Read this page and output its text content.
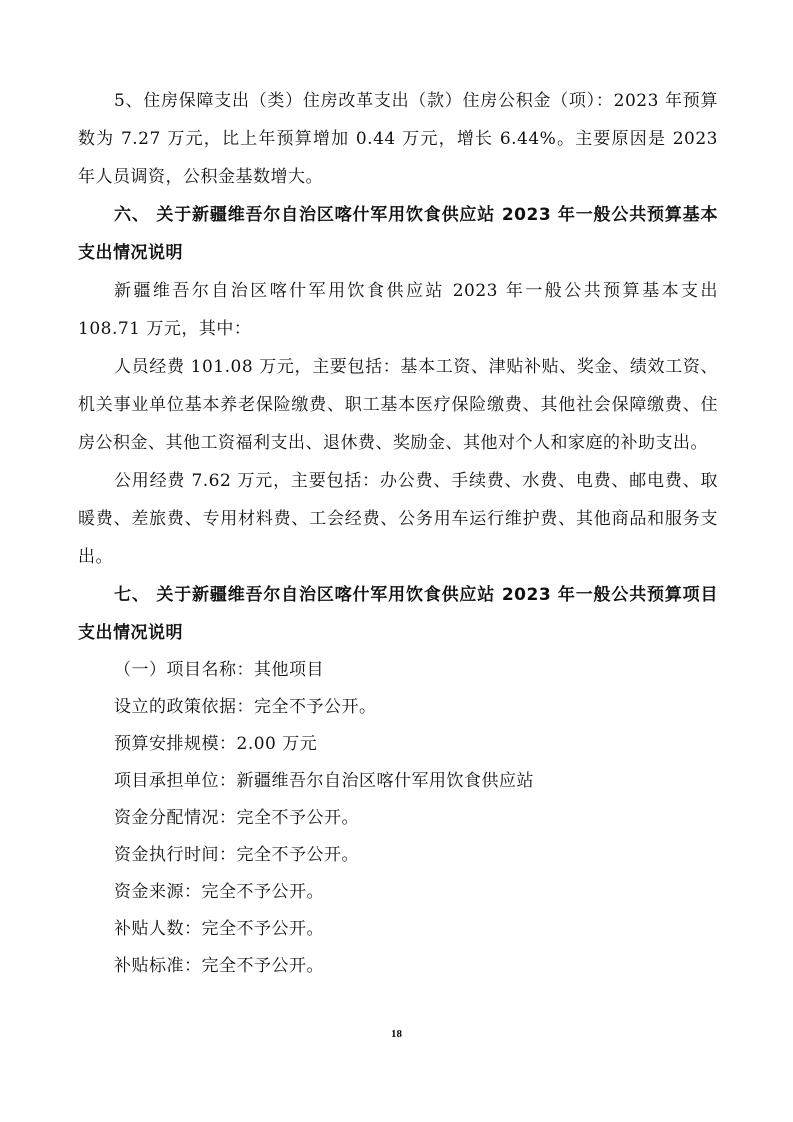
5、住房保障支出（类）住房改革支出（款）住房公积金（项）：2023 年预算数为 7.27 万元，比上年预算增加 0.44 万元，增长 6.44%。主要原因是 2023 年人员调资，公积金基数增大。

六、 关于新疆维吾尔自治区喀什军用饮食供应站 2023 年一般公共预算基本支出情况说明

新疆维吾尔自治区喀什军用饮食供应站 2023 年一般公共预算基本支出 108.71 万元，其中：

人员经费 101.08 万元，主要包括：基本工资、津贴补贴、奖金、绩效工资、机关事业单位基本养老保险缴费、职工基本医疗保险缴费、其他社会保障缴费、住房公积金、其他工资福利支出、退休费、奖励金、其他对个人和家庭的补助支出。

公用经费 7.62 万元，主要包括：办公费、手续费、水费、电费、邮电费、取暖费、差旅费、专用材料费、工会经费、公务用车运行维护费、其他商品和服务支出。

七、 关于新疆维吾尔自治区喀什军用饮食供应站 2023 年一般公共预算项目支出情况说明

（一）项目名称：其他项目

设立的政策依据：完全不予公开。

预算安排规模：2.00 万元

项目承担单位：新疆维吾尔自治区喀什军用饮食供应站

资金分配情况：完全不予公开。

资金执行时间：完全不予公开。

资金来源：完全不予公开。

补贴人数：完全不予公开。

补贴标准：完全不予公开。

18
